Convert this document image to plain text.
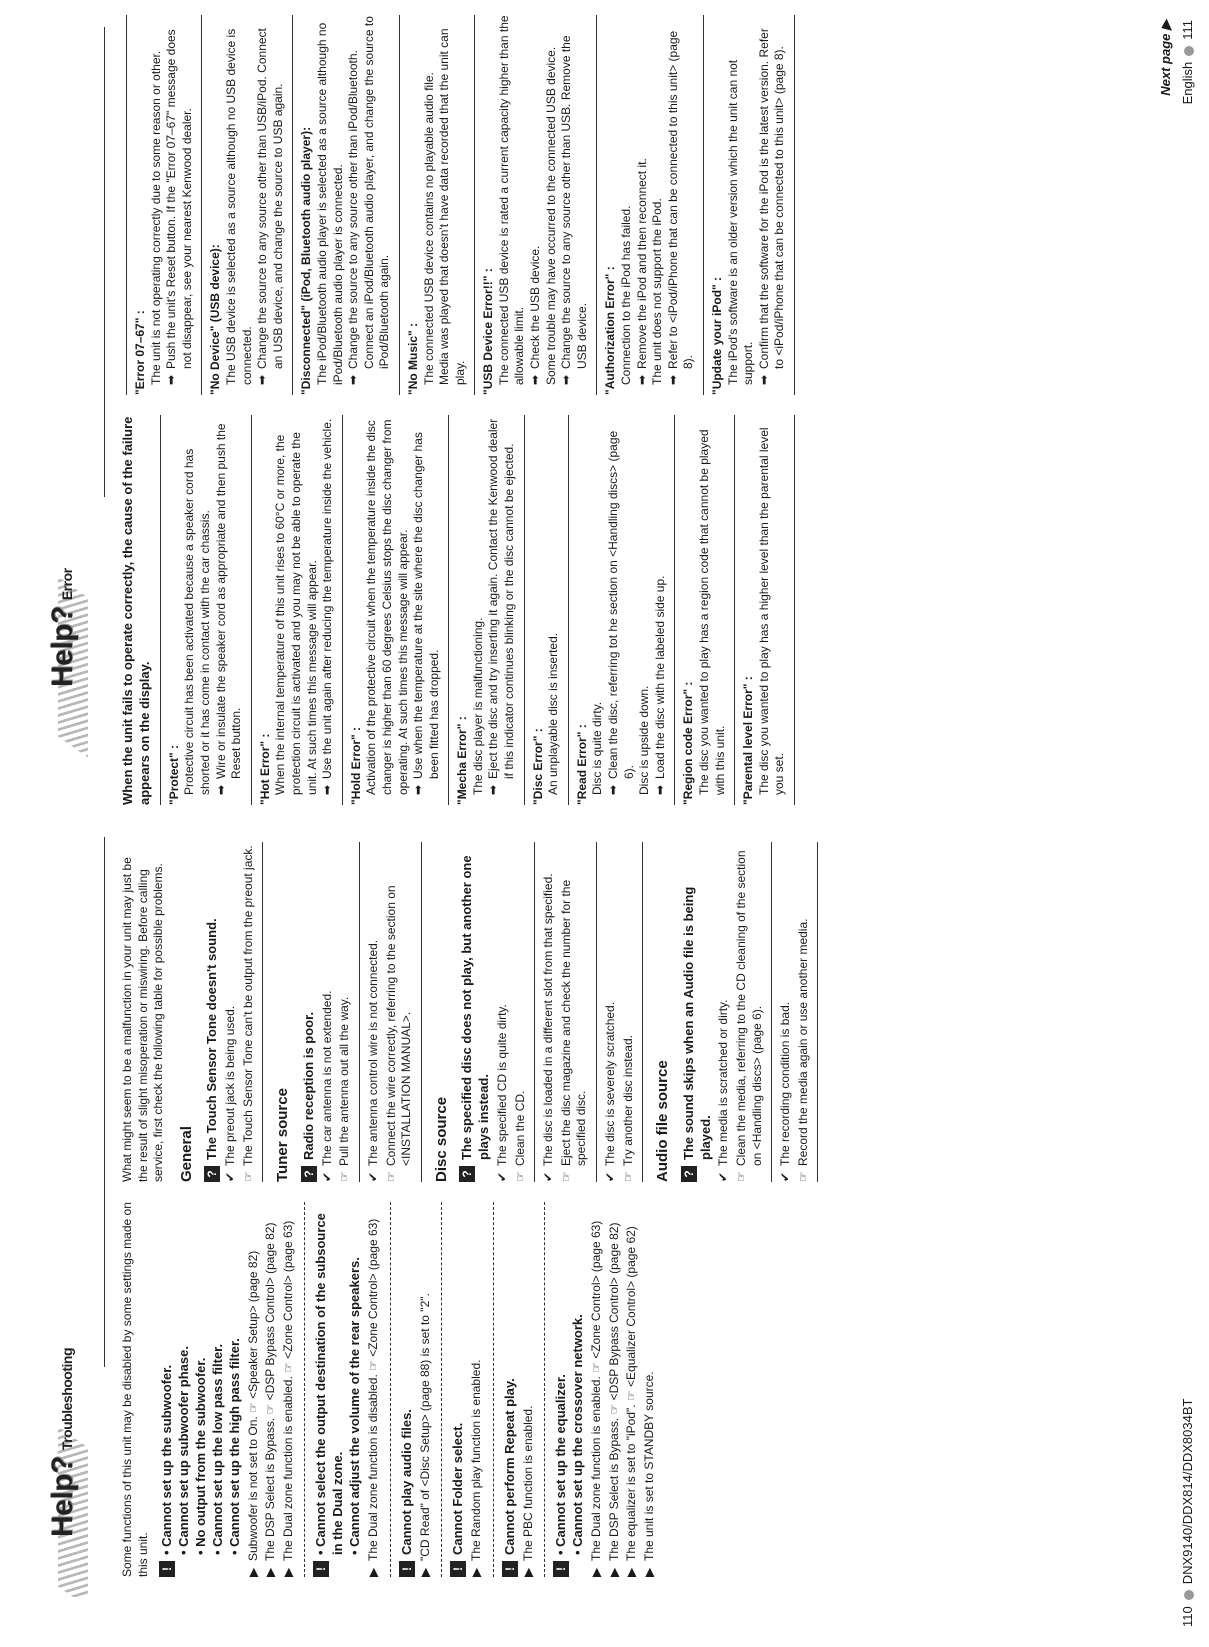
Help?Troubleshooting
Help?Error

Some functions of this unit may be disabled by some settings made on this unit. !
• Cannot set up the subwoofer. • Cannot set up subwoofer phase. • No output from the subwoofer. • Cannot set up the low pass filter. • Cannot set up the high pass filter.
▶
Subwoofer is not set to On. ☞ <Speaker Setup> (page 82)
▶
The DSP Select is Bypass. ☞ <DSP Bypass Control> (page 82)
▶
The Dual zone function is enabled. ☞ <Zone Control> (page 63)
!
• Cannot select the output destination of the subsource in the Dual zone. • Cannot adjust the volume of the rear speakers.
▶
The Dual zone function is disabled. ☞ <Zone Control> (page 63)
!
Cannot play audio files.
▶
"CD Read" of <Disc Setup> (page 88) is set to "2".
!
Cannot Folder select.
▶
The Random play function is enabled.
!
Cannot perform Repeat play.
▶
The PBC function is enabled.
!
• Cannot set up the equalizer. • Cannot set up the crossover network.
▶
The Dual zone function is enabled. ☞ <Zone Control> (page 63)
▶
The DSP Select is Bypass. ☞ <DSP Bypass Control> (page 82)
▶
The equalizer is set to "iPod". ☞ <Equalizer Control> (page 62)
▶
The unit is set to STANDBY source.

What might seem to be a malfunction in your unit may just be the result of slight misoperation or miswiring. Before calling service, first check the following table for possible problems. General ?
The Touch Sensor Tone doesn't sound.
✔
The preout jack is being used.
☞
The Touch Sensor Tone can't be output from the preout jack. Tuner source ?
Radio reception is poor.
✔
The car antenna is not extended.
☞
Pull the antenna out all the way.
✔
The antenna control wire is not connected.
☞
Connect the wire correctly, referring to the section on <INSTALLATION MANUAL>. Disc source ?
The specified disc does not play, but another one plays instead.
✔
The specified CD is quite dirty.
☞
Clean the CD.
✔
The disc is loaded in a different slot from that specified.
☞
Eject the disc magazine and check the number for the specified disc.
✔
The disc is severely scratched.
☞
Try another disc instead. Audio file source ?
The sound skips when an Audio file is being played.
✔
The media is scratched or dirty.
☞
Clean the media, referring to the CD cleaning of the section on <Handling discs> (page 6).
✔
The recording condition is bad.
☞
Record the media again or use another media.

When the unit fails to operate correctly, the cause of the failure appears on the display. "Protect" : Protective circuit has been activated because a speaker cord has shorted or it has come in contact with the car chassis. ➡
Wire or insulate the speaker cord as appropriate and then push the Reset button. "Hot Error" : When the internal temperature of this unit rises to 60°C or more, the protection circuit is activated and you may not be able to operate the unit. At such times this message will appear. ➡
Use the unit again after reducing the temperature inside the vehicle. "Hold Error" : Activation of the protective circuit when the temperature inside the disc changer is higher than 60 degrees Celsius stops the disc changer from operating. At such times this message will appear. ➡
Use when the temperature at the site where the disc changer has been fitted has dropped. "Mecha Error" : The disc player is malfunctioning. ➡
Eject the disc and try inserting it again. Contact the Kenwood dealer if this indicator continues blinking or the disc cannot be ejected. "Disc Error" : An unplayable disc is inserted. "Read Error" : Disc is quite dirty. ➡
Clean the disc, referring tot he section on <Handling discs> (page 6). Disc is upside down. ➡
Load the disc with the labeled side up. "Region code Error" : The disc you wanted to play has a region code that cannot be played with this unit. "Parental level Error" : The disc you wanted to play has a higher level than the parental level you set.
"Error 07–67" : The unit is not operating correctly due to some reason or other. ➡
Push the unit's Reset button. If the "Error 07–67" message does not disappear, see your nearest Kenwood dealer. "No Device" (USB device): The USB device is selected as a source although no USB device is connected. ➡
Change the source to any source other than USB/iPod. Connect an USB device, and change the source to USB again. "Disconnected" (iPod, Bluetooth audio player): The iPod/Bluetooth audio player is selected as a source although no iPod/Bluetooth audio player is connected. ➡
Change the source to any source other than iPod/Bluetooth. Connect an iPod/Bluetooth audio player, and change the source to iPod/Bluetooth again. "No Music" : The connected USB device contains no playable audio file. Media was played that doesn't have data recorded that the unit can play. "USB Device Error!!" : The connected USB device is rated a current capacity higher than the allowable limit. ➡
Check the USB device. Some trouble may have occurred to the connected USB device. ➡
Change the source to any source other than USB. Remove the USB device. "Authorization Error" : Connection to the iPod has failed. ➡
Remove the iPod and then reconnect it. The unit does not support the iPod. ➡
Refer to <iPod/iPhone that can be connected to this unit> (page 8). "Update your iPod" : The iPod's software is an older version which the unit can not support. ➡
Confirm that the software for the iPod is the latest version. Refer to <iPod/iPhone that can be connected to this unit> (page 8).
110DNX9140/DDX814/DDX8034BT
Next page ▶ English111
